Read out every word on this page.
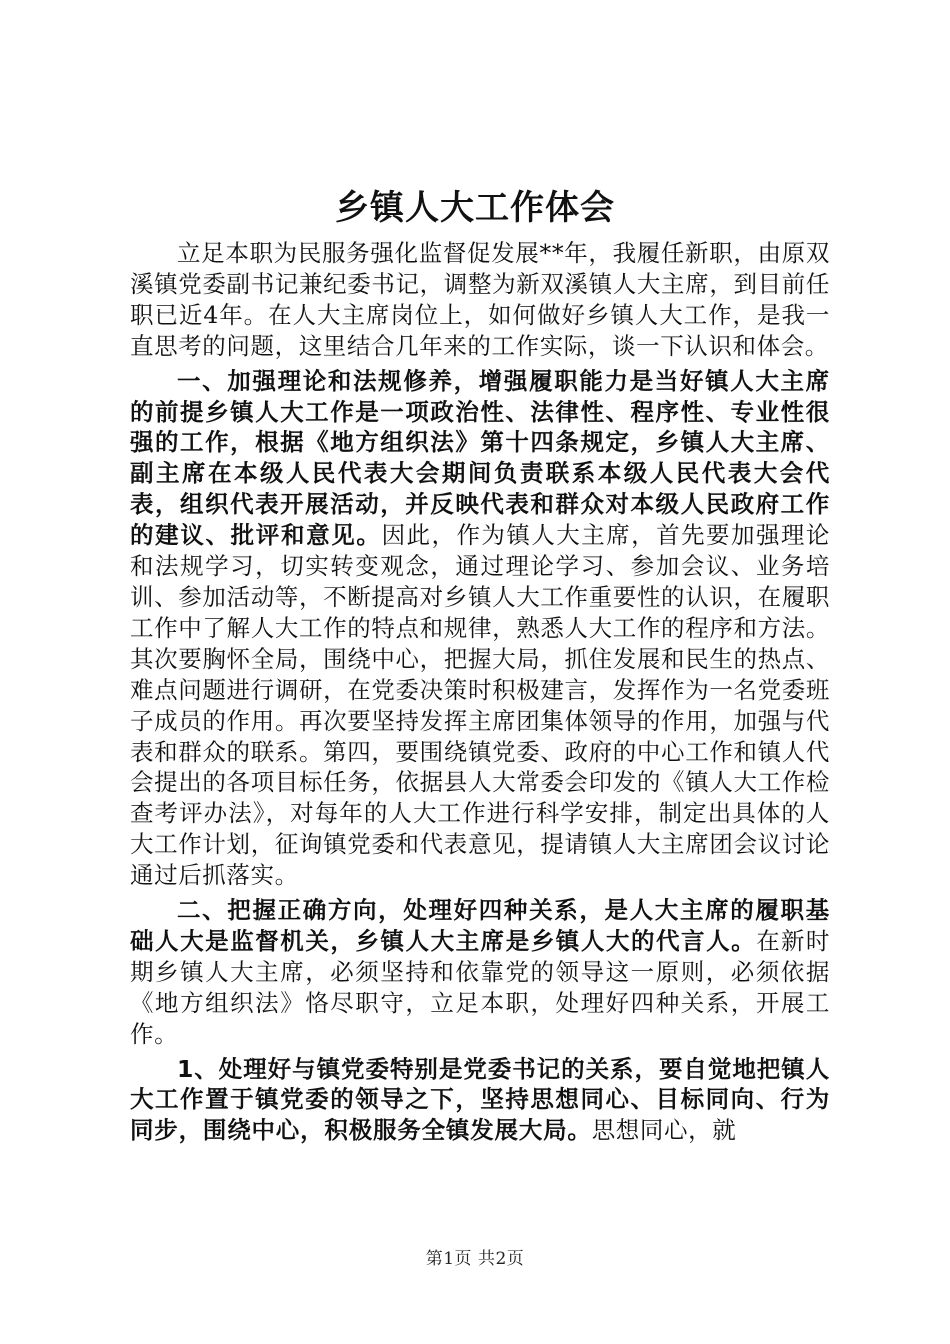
乡镇人大工作体会

立足本职为民服务强化监督促发展**年，我履任新职，由原双溪镇党委副书记兼纪委书记，调整为新双溪镇人大主席，到目前任职已近4年。在人大主席岗位上，如何做好乡镇人大工作，是我一直思考的问题，这里结合几年来的工作实际，谈一下认识和体会。

一、加强理论和法规修养，增强履职能力是当好镇人大主席的前提乡镇人大工作是一项政治性、法律性、程序性、专业性很强的工作，根据《地方组织法》第十四条规定，乡镇人大主席、副主席在本级人民代表大会期间负责联系本级人民代表大会代表，组织代表开展活动，并反映代表和群众对本级人民政府工作的建议、批评和意见。因此，作为镇人大主席，首先要加强理论和法规学习，切实转变观念，通过理论学习、参加会议、业务培训、参加活动等，不断提高对乡镇人大工作重要性的认识，在履职工作中了解人大工作的特点和规律，熟悉人大工作的程序和方法。其次要胸怀全局，围绕中心，把握大局，抓住发展和民生的热点、难点问题进行调研，在党委决策时积极建言，发挥作为一名党委班子成员的作用。再次要坚持发挥主席团集体领导的作用，加强与代表和群众的联系。第四，要围绕镇党委、政府的中心工作和镇人代会提出的各项目标任务，依据县人大常委会印发的《镇人大工作检查考评办法》，对每年的人大工作进行科学安排，制定出具体的人大工作计划，征询镇党委和代表意见，提请镇人大主席团会议讨论通过后抓落实。

二、把握正确方向，处理好四种关系，是人大主席的履职基础人大是监督机关，乡镇人大主席是乡镇人大的代言人。在新时期乡镇人大主席，必须坚持和依靠党的领导这一原则，必须依据《地方组织法》恪尽职守，立足本职，处理好四种关系，开展工作。

1、处理好与镇党委特别是党委书记的关系，要自觉地把镇人大工作置于镇党委的领导之下，坚持思想同心、目标同向、行为同步，围绕中心，积极服务全镇发展大局。思想同心，就

第1页 共2页
